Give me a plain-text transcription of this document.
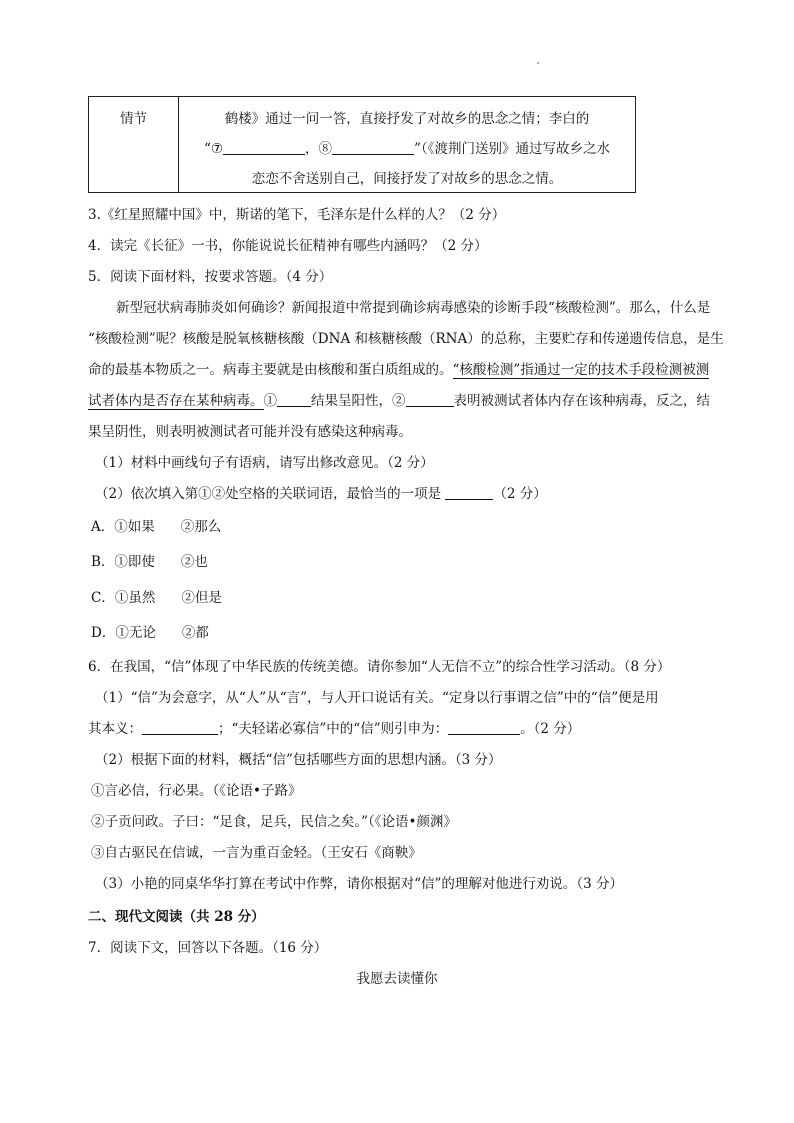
情节	鹤楼》通过一问一答，直接抒发了对故乡的思念之情；李白的
“⑦	，⑧	”（《渡荆门送别》通过写故乡之水
恋恋不舍送别自己，间接抒发了对故乡的思念之情。
3.《红星照耀中国》中，斯诺的笔下，毛泽东是什么样的人？（2 分）
4．读完《长征》一书，你能说说长征精神有哪些内涵吗？（2 分）
5．阅读下面材料，按要求答题。（4 分）
新型冠状病毒肺炎如何确诊？新闻报道中常提到确诊病毒感染的诊断手段“核酸检测”。那么，什么是
“核酸检测”呢？核酸是脱氧核糖核酸（DNA 和核糖核酸（RNA）的总称，主要贮存和传递遗传信息，是生
命的最基本物质之一。病毒主要就是由核酸和蛋白质组成的。“核酸检测”指通过一定的技术手段检测被测
试者体内是否存在某种病毒。①	结果呈阳性，②	表明被测试者体内存在该种病毒，反之，结
果呈阴性，则表明被测试者可能并没有感染这种病毒。
（1）材料中画线句子有语病，请写出修改意见。（2 分）
（2）依次填入第①②处空格的关联词语，最恰当的一项是	（2 分）
A．①如果 ②那么
B．①即使 ②也
C．①虽然 ②但是
D．①无论 ②都
6．在我国，“信”体现了中华民族的传统美德。请你参加“人无信不立”的综合性学习活动。（8 分）
（1）“信”为会意字，从“人”从“言”，与人开口说话有关。“定身以行事谓之信”中的“信”便是用
其本义：	；“夫轻诺必寡信”中的“信”则引申为：	。（2 分）
（2）根据下面的材料，概括“信”包括哪些方面的思想内涵。（3 分）
①言必信，行必果。（《论语•子路》
②子贡问政。子曰：“足食，足兵，民信之矣。”（《论语•颜渊》
③自古驱民在信诚，一言为重百金轻。（王安石《商鞅》
（3）小艳的同桌华华打算在考试中作弊，请你根据对“信”的理解对他进行劝说。（3 分）
二、现代文阅读（共 28 分）
7．阅读下文，回答以下各题。（16 分）
我愿去读懂你
